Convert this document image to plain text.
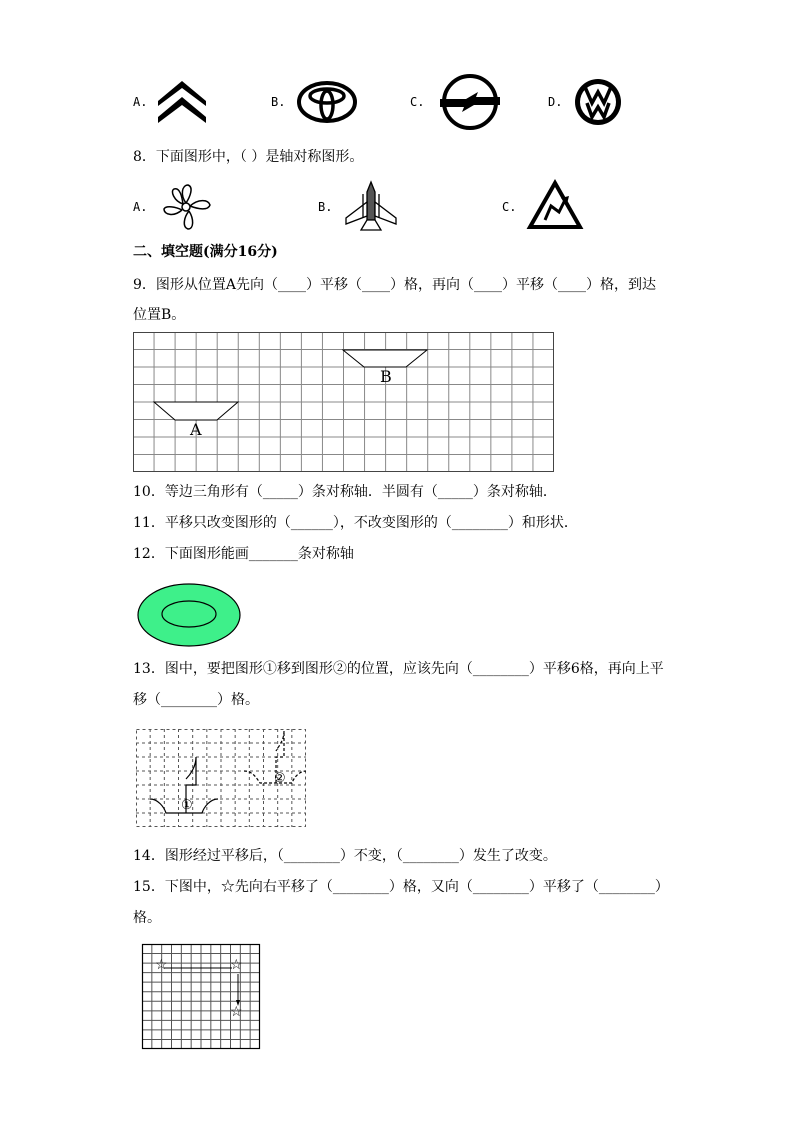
A.	B.	C.	D.
8．下面图形中，（ ）是轴对称图形。
A.	B.	C.
二、填空题(满分16分)
9．图形从位置A先向（____）平移（____）格，再向（____）平移（____）格，到达
位置B。
A
B
10．等边三角形有（_____）条对称轴．半圆有（_____）条对称轴．
11．平移只改变图形的（______），不改变图形的（________）和形状．
12．下面图形能画_______条对称轴
13．图中，要把图形①移到图形②的位置，应该先向（________）平移6格，再向上平
移（________）格。
①
②
14．图形经过平移后，（________）不变，（________）发生了改变。
15．下图中，☆先向右平移了（________）格，又向（________）平移了（________）
格。
☆	☆
☆
